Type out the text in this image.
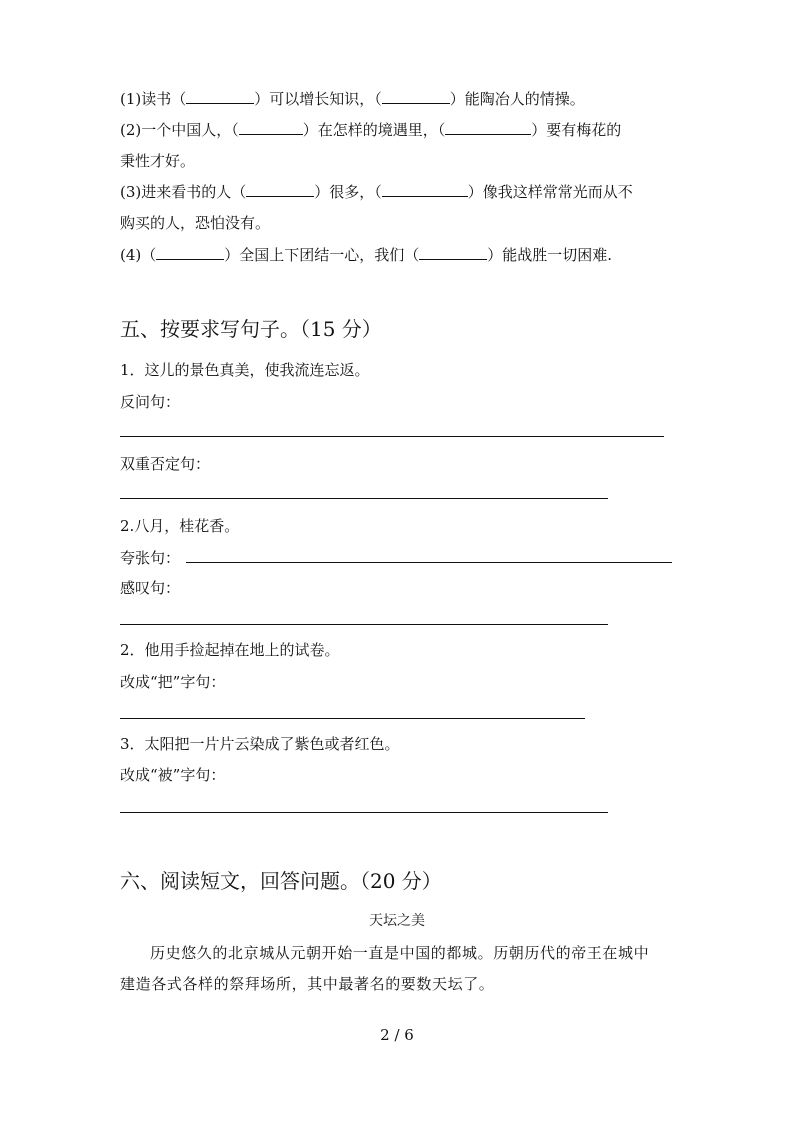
(1)读书（	）可以增长知识，（	）能陶冶人的情操。
(2)一个中国人，（	）在怎样的境遇里，（	）要有梅花的
秉性才好。
(3)进来看书的人（	）很多，（	）像我这样常常光而从不
购买的人，恐怕没有。
(4)（	）全国上下团结一心，我们（	）能战胜一切困难.
五、按要求写句子。（15 分）
1．这儿的景色真美，使我流连忘返。
反问句：
双重否定句：
2.八月，桂花香。
夸张句：
感叹句：
2．他用手捡起掉在地上的试卷。
改成“把”字句：
3．太阳把一片片云染成了紫色或者红色。
改成“被”字句：
六、阅读短文，回答问题。（20 分）
天坛之美
历史悠久的北京城从元朝开始一直是中国的都城。历朝历代的帝王在城中
建造各式各样的祭拜场所，其中最著名的要数天坛了。
2 / 6
